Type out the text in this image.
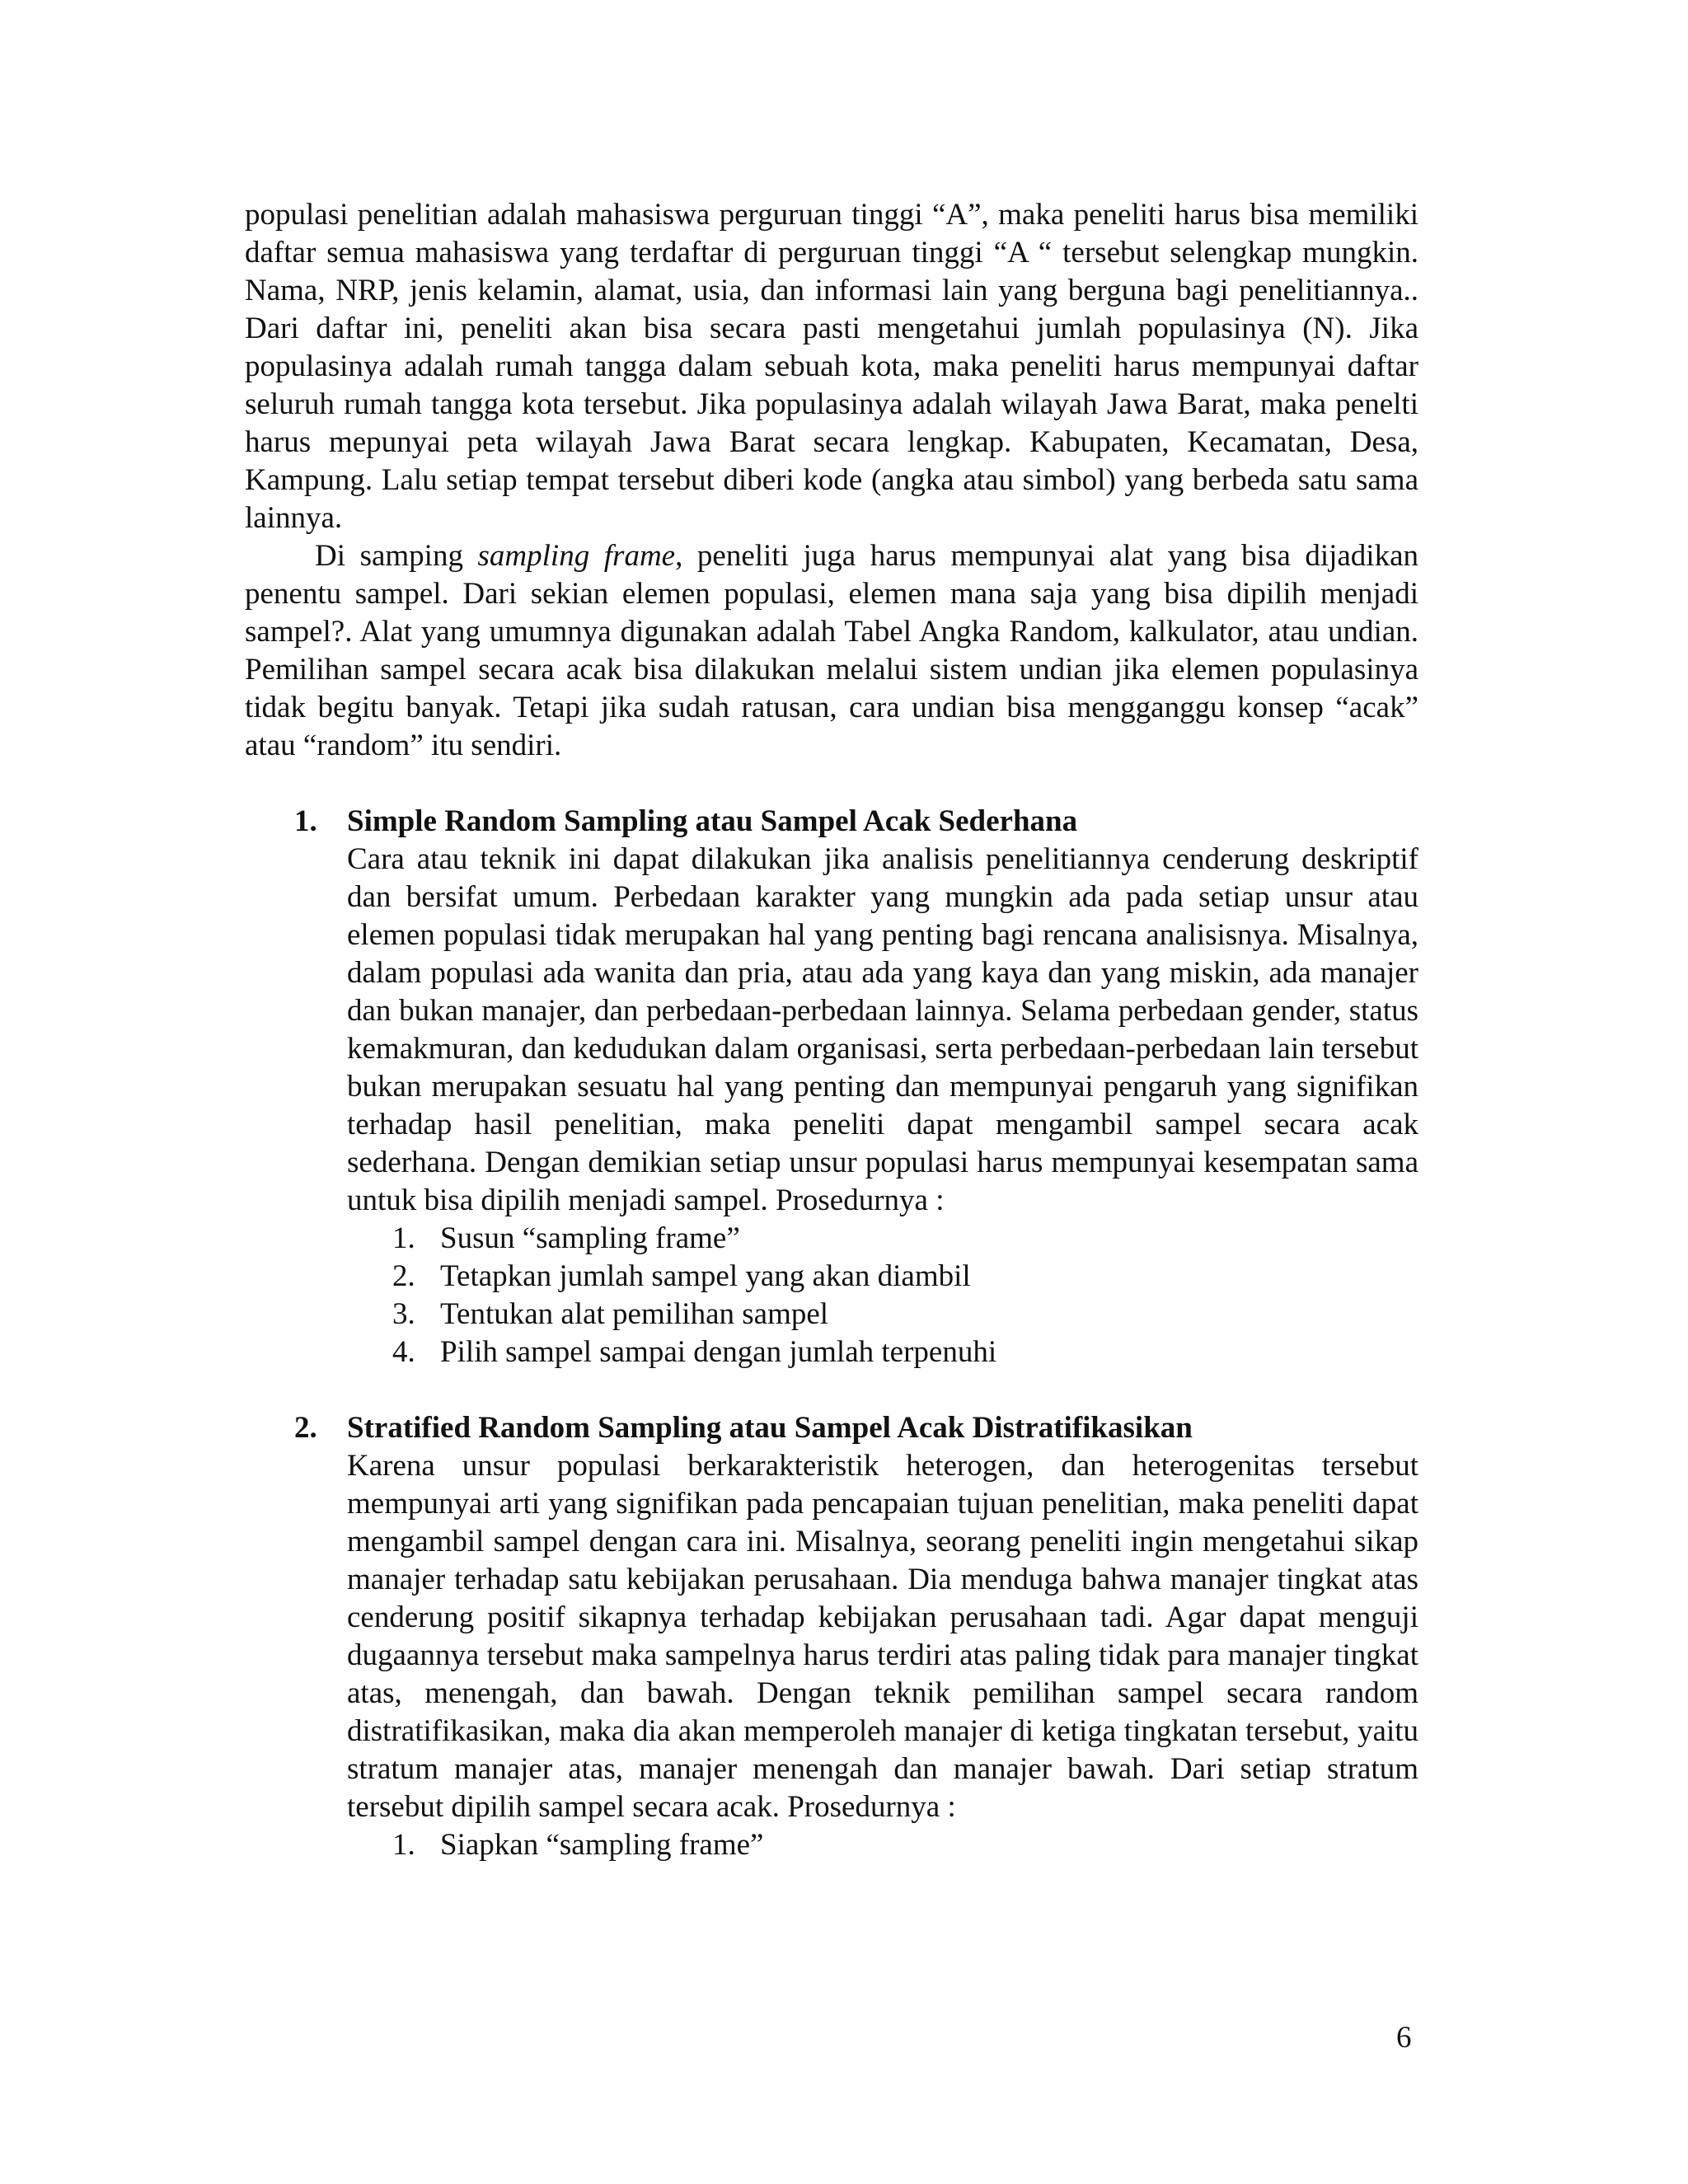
populasi penelitian adalah mahasiswa perguruan tinggi “A”, maka peneliti harus bisa memiliki daftar semua mahasiswa yang terdaftar di perguruan tinggi “A “ tersebut selengkap mungkin. Nama, NRP, jenis kelamin, alamat, usia, dan informasi lain yang berguna bagi penelitiannya.. Dari daftar ini, peneliti akan bisa secara pasti mengetahui jumlah populasinya (N). Jika populasinya adalah rumah tangga dalam sebuah kota, maka peneliti harus mempunyai daftar seluruh rumah tangga kota tersebut. Jika populasinya adalah wilayah Jawa Barat, maka penelti harus mepunyai peta wilayah Jawa Barat secara lengkap. Kabupaten, Kecamatan, Desa, Kampung. Lalu setiap tempat tersebut diberi kode (angka atau simbol) yang berbeda satu sama lainnya.

Di samping sampling frame, peneliti juga harus mempunyai alat yang bisa dijadikan penentu sampel. Dari sekian elemen populasi, elemen mana saja yang bisa dipilih menjadi sampel?. Alat yang umumnya digunakan adalah Tabel Angka Random, kalkulator, atau undian. Pemilihan sampel secara acak bisa dilakukan melalui sistem undian jika elemen populasinya tidak begitu banyak. Tetapi jika sudah ratusan, cara undian bisa mengganggu konsep “acak” atau “random” itu sendiri.

1. Simple Random Sampling atau Sampel Acak Sederhana

Cara atau teknik ini dapat dilakukan jika analisis penelitiannya cenderung deskriptif dan bersifat umum. Perbedaan karakter yang mungkin ada pada setiap unsur atau elemen populasi tidak merupakan hal yang penting bagi rencana analisisnya. Misalnya, dalam populasi ada wanita dan pria, atau ada yang kaya dan yang miskin, ada manajer dan bukan manajer, dan perbedaan-perbedaan lainnya. Selama perbedaan gender, status kemakmuran, dan kedudukan dalam organisasi, serta perbedaan-perbedaan lain tersebut bukan merupakan sesuatu hal yang penting dan mempunyai pengaruh yang signifikan terhadap hasil penelitian, maka peneliti dapat mengambil sampel secara acak sederhana. Dengan demikian setiap unsur populasi harus mempunyai kesempatan sama untuk bisa dipilih menjadi sampel. Prosedurnya :

1. Susun “sampling frame”
2. Tetapkan jumlah sampel yang akan diambil
3. Tentukan alat pemilihan sampel
4. Pilih sampel sampai dengan jumlah terpenuhi
2. Stratified Random Sampling atau Sampel Acak Distratifikasikan

Karena unsur populasi berkarakteristik heterogen, dan heterogenitas tersebut mempunyai arti yang signifikan pada pencapaian tujuan penelitian, maka peneliti dapat mengambil sampel dengan cara ini. Misalnya, seorang peneliti ingin mengetahui sikap manajer terhadap satu kebijakan perusahaan. Dia menduga bahwa manajer tingkat atas cenderung positif sikapnya terhadap kebijakan perusahaan tadi. Agar dapat menguji dugaannya tersebut maka sampelnya harus terdiri atas paling tidak para manajer tingkat atas, menengah, dan bawah. Dengan teknik pemilihan sampel secara random distratifikasikan, maka dia akan memperoleh manajer di ketiga tingkatan tersebut, yaitu stratum manajer atas, manajer menengah dan manajer bawah. Dari setiap stratum tersebut dipilih sampel secara acak. Prosedurnya :

1. Siapkan “sampling frame”
6
